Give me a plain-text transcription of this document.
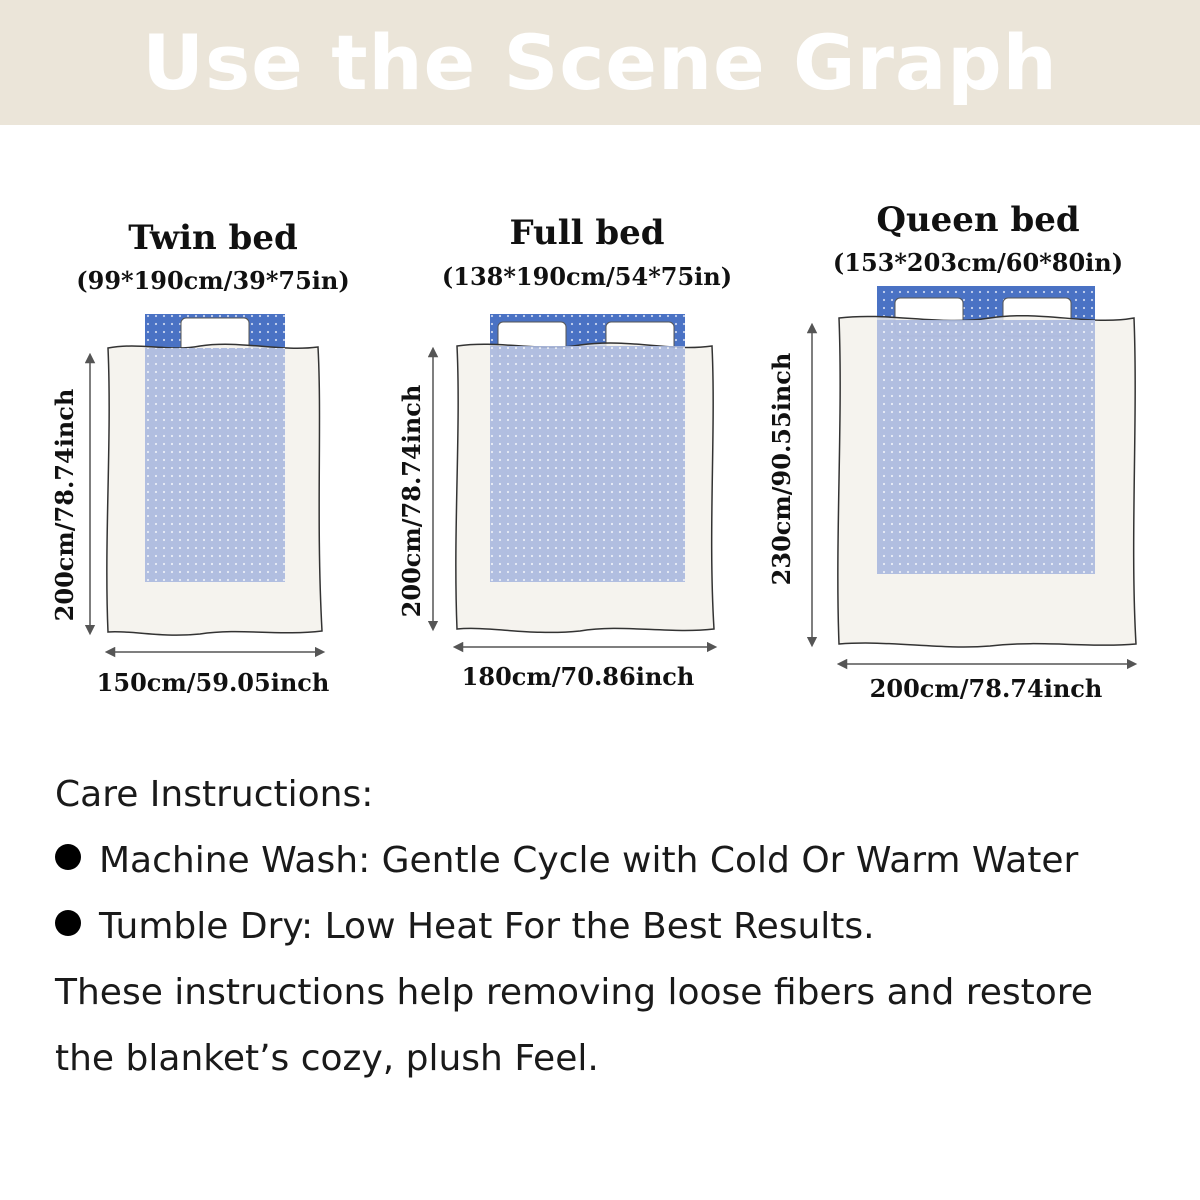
Use the Scene Graph

Twin bed

(99*190cm/39*75in)

Full bed

(138*190cm/54*75in)

Queen bed

(153*203cm/60*80in)

200cm/78.74inch

150cm/59.05inch

200cm/78.74inch

180cm/70.86inch

230cm/90.55inch

200cm/78.74inch

Care Instructions:

Machine Wash: Gentle Cycle with Cold Or Warm Water

Tumble Dry: Low Heat For the Best Results.

These instructions help removing loose fibers and restore

the blanket’s cozy, plush Feel.
